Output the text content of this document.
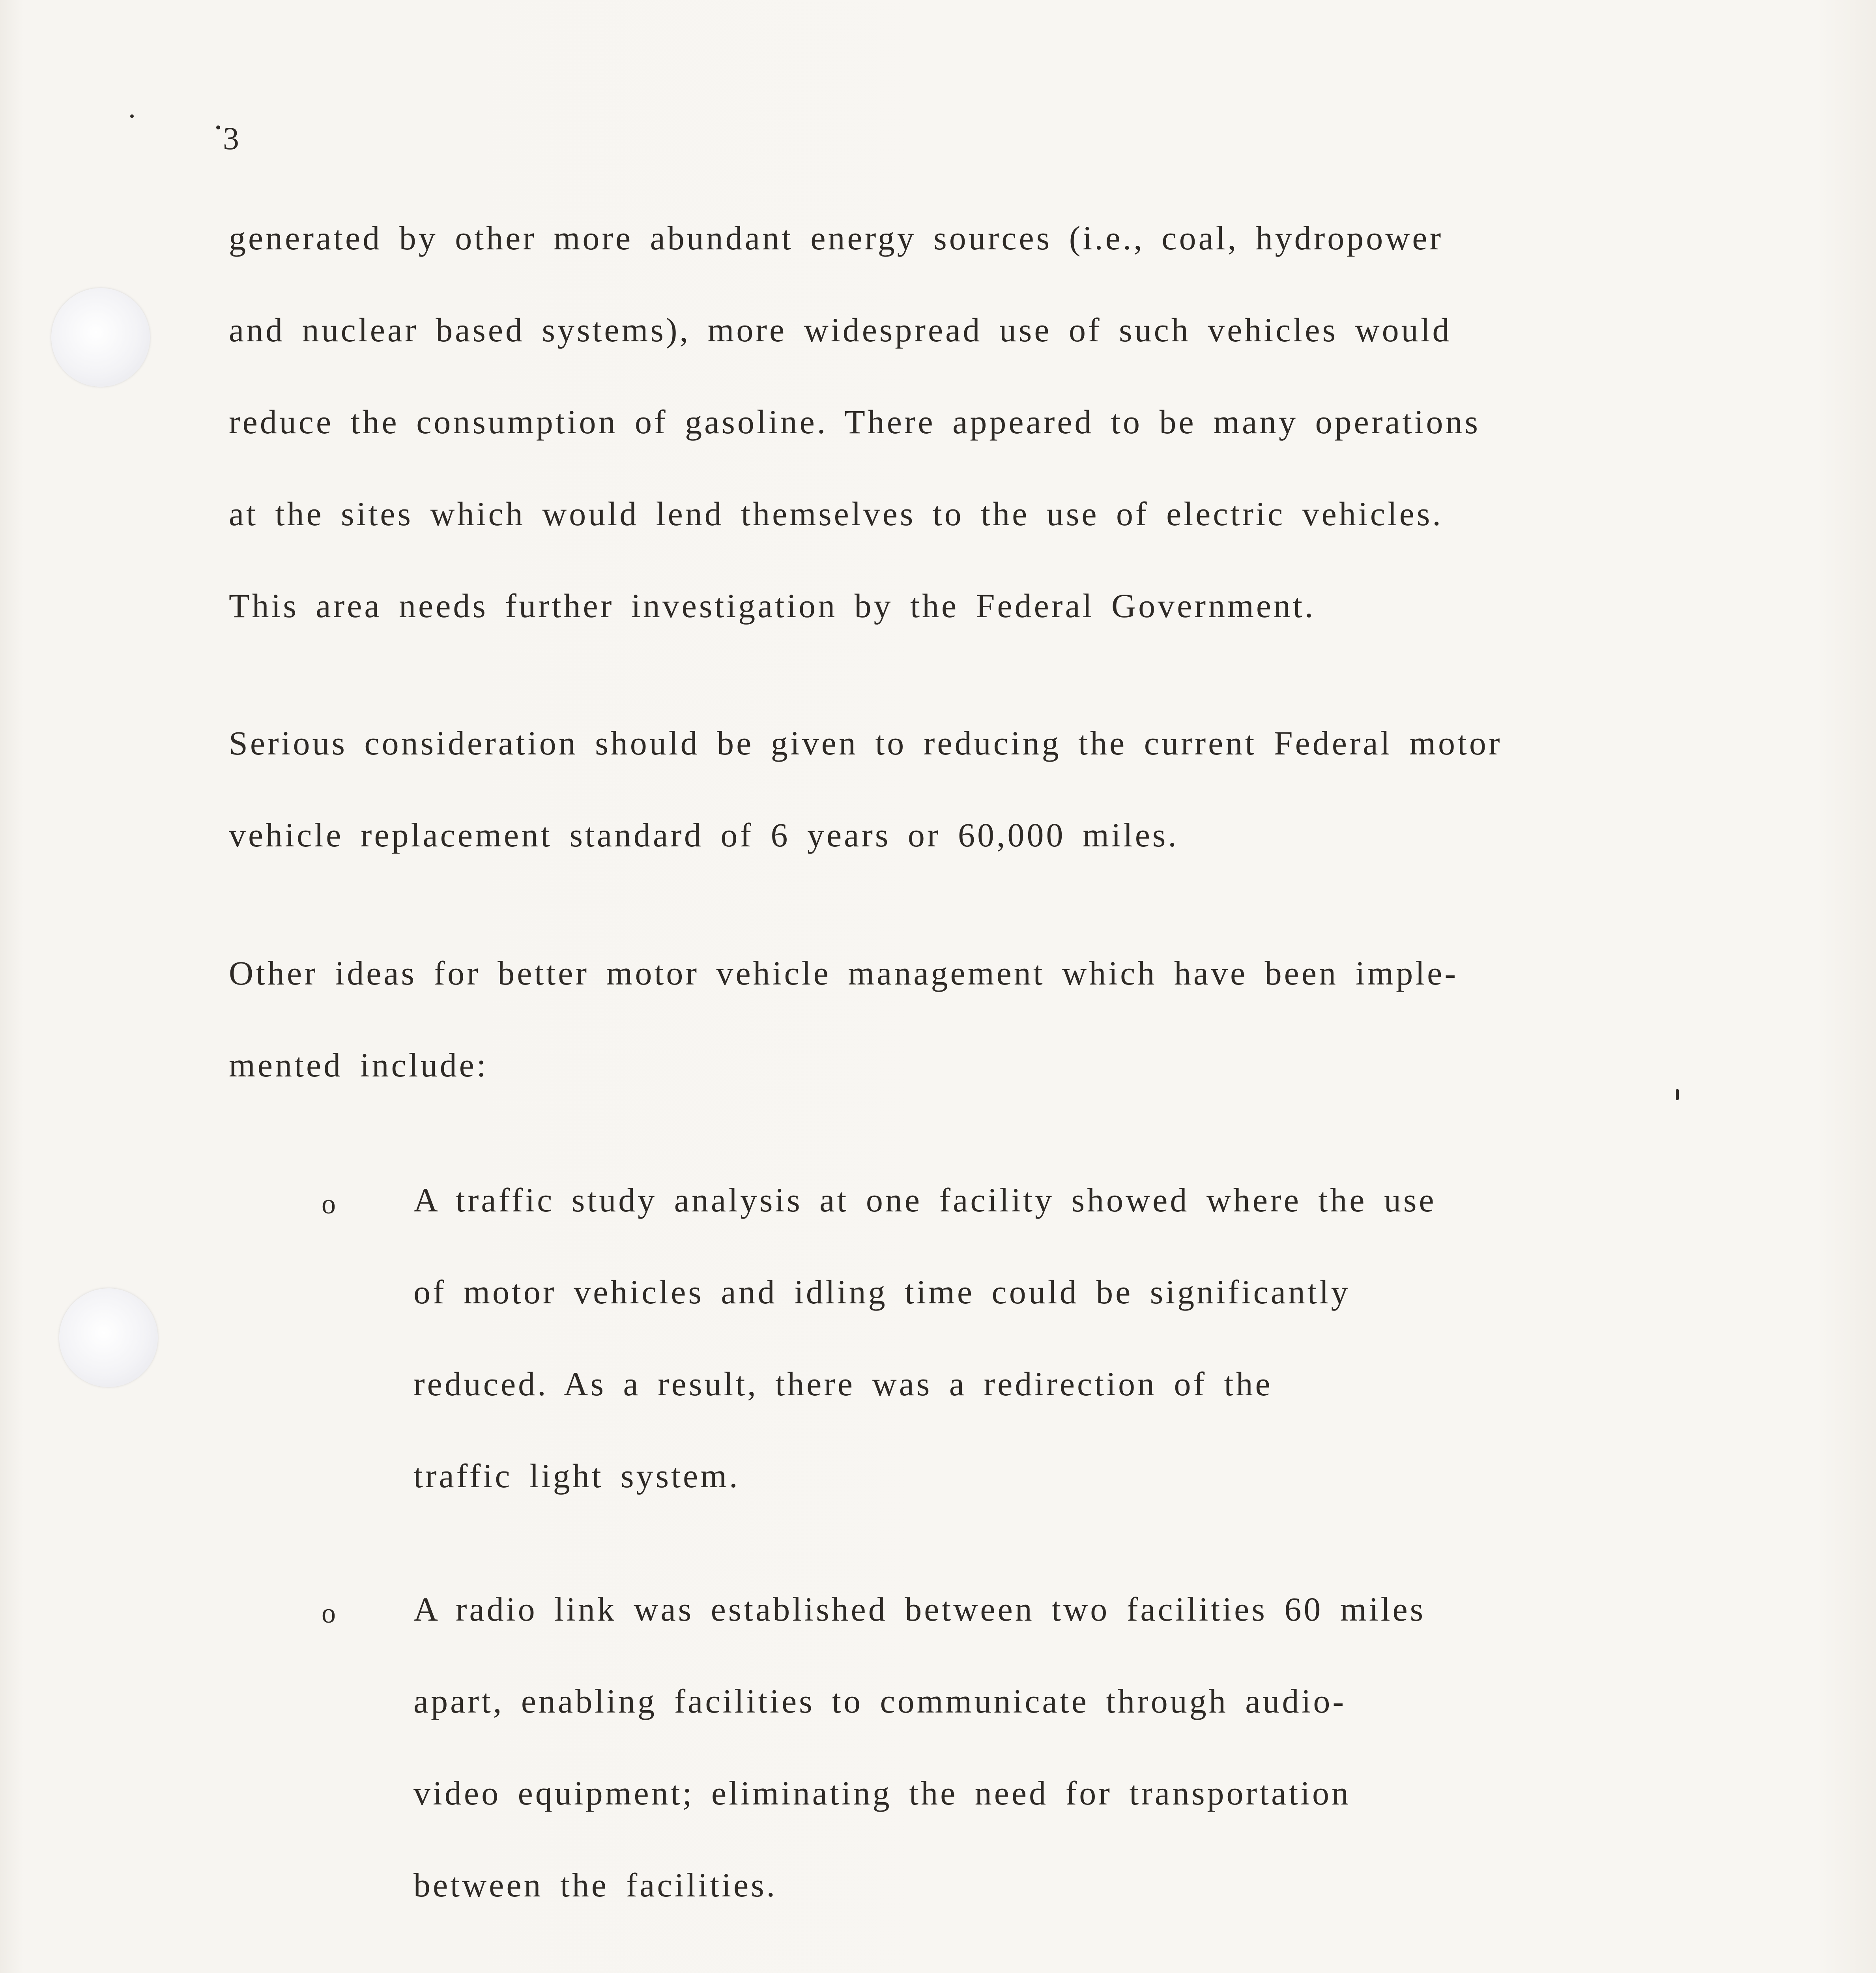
3
generated by other more abundant energy sources (i.e., coal, hydropower
and nuclear based systems), more widespread use of such vehicles would
reduce the consumption of gasoline. There appeared to be many operations
at the sites which would lend themselves to the use of electric vehicles.
This area needs further investigation by the Federal Government.
Serious consideration should be given to reducing the current Federal motor
vehicle replacement standard of 6 years or 60,000 miles.
Other ideas for better motor vehicle management which have been imple-
mented include:
o A traffic study analysis at one facility showed where the use
of motor vehicles and idling time could be significantly
reduced. As a result, there was a redirection of the
traffic light system.
o A radio link was established between two facilities 60 miles
apart, enabling facilities to communicate through audio-
video equipment; eliminating the need for transportation
between the facilities.
